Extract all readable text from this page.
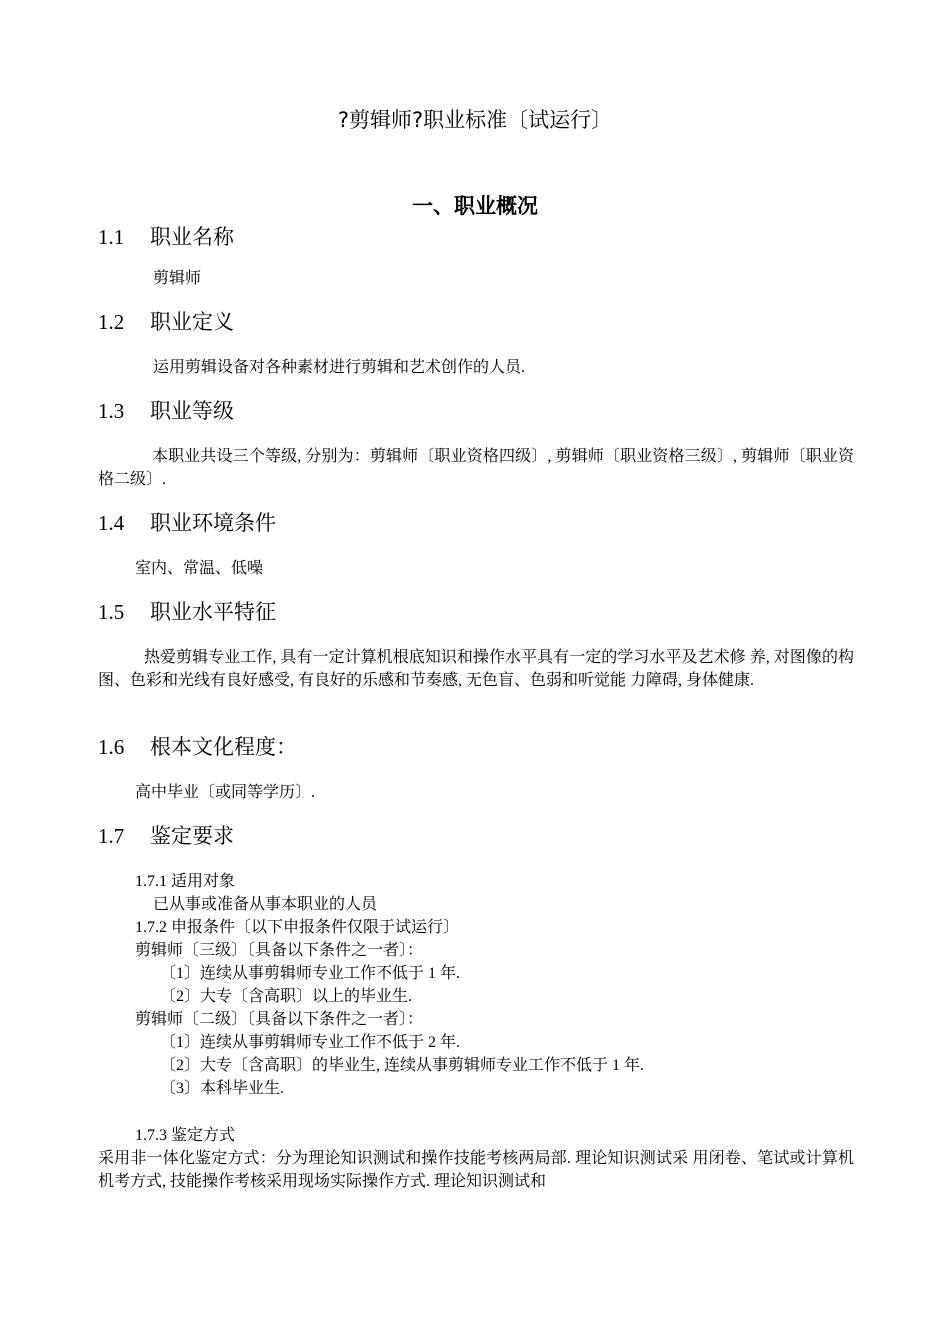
?剪辑师?职业标准〔试运行〕
一、职业概况
1.1 职业名称
剪辑师
1.2 职业定义
运用剪辑设备对各种素材进行剪辑和艺术创作的人员.
1.3 职业等级
本职业共设三个等级, 分别为：剪辑师〔职业资格四级〕, 剪辑师〔职业资格三级〕, 剪辑师〔职业资格二级〕.
1.4 职业环境条件
室内、常温、低噪
1.5 职业水平特征
热爱剪辑专业工作, 具有一定计算机根底知识和操作水平具有一定的学习水平及艺术修 养, 对图像的构图、色彩和光线有良好感受, 有良好的乐感和节奏感, 无色盲、色弱和听觉能 力障碍, 身体健康.
1.6 根本文化程度：
高中毕业〔或同等学历〕.
1.7 鉴定要求
1.7.1 适用对象
已从事或准备从事本职业的人员
1.7.2 申报条件〔以下申报条件仅限于试运行〕
剪辑师〔三级〕〔具备以下条件之一者〕：
〔1〕连续从事剪辑师专业工作不低于 1 年.
〔2〕大专〔含高职〕以上的毕业生.
剪辑师〔二级〕〔具备以下条件之一者〕：
〔1〕连续从事剪辑师专业工作不低于 2 年.
〔2〕大专〔含高职〕的毕业生, 连续从事剪辑师专业工作不低于 1 年.
〔3〕本科毕业生.
1.7.3 鉴定方式
采用非一体化鉴定方式：分为理论知识测试和操作技能考核两局部. 理论知识测试采 用闭卷、笔试或计算机机考方式, 技能操作考核采用现场实际操作方式. 理论知识测试和
